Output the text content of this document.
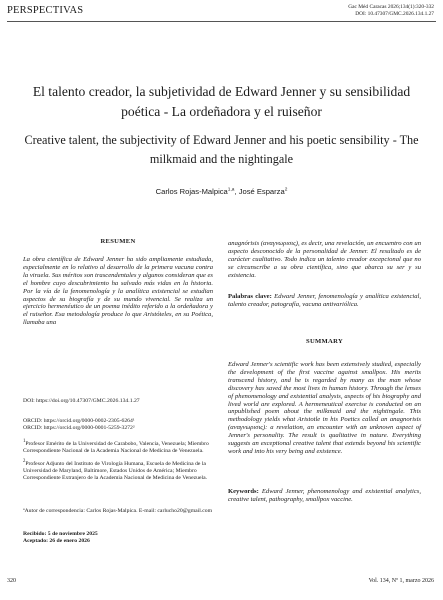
PERSPECTIVAS	Gac Méd Caracas 2026;134(1):320-332
DOI: 10.47307/GMC.2026.134.1.27
El talento creador, la subjetividad de Edward Jenner y su sensibilidad poética - La ordeñadora y el ruiseñor
Creative talent, the subjectivity of Edward Jenner and his poetic sensibility - The milkmaid and the nightingale
Carlos Rojas-Malpica$^{1,a}$, José Esparza$^2$
RESUMEN
La obra científica de Edward Jenner ha sido ampliamente estudiada, especialmente en lo relativo al desarrollo de la primera vacuna contra la viruela. Sus méritos son trascendentales y algunos consideran que es el hombre cuyo descubrimiento ha salvado más vidas en la historia. Por la vía de la fenomenología y la analítica existencial se estudian aspectos de su biografía y de su mundo vivencial. Se realiza un ejercicio hermenéutico de un poema inédito referido a la ordeñadora y el ruiseñor. Esa metodología produce lo que Aristóteles, en su Poética, llamaba una
DOI: https://doi.org/10.47307/GMC.2026.134.1.27
ORCID: https://orcid.org/0000-0002-2305-6264¹
ORCID: https://orcid.org/0000-0001-5259-3272²
$^1$Profesor Emérito de la Universidad de Carabobo, Valencia, Venezuela; Miembro Correspondiente Nacional de la Academia Nacional de Medicina de Venezuela.
$^2$Profesor Adjunto del Instituto de Virología Humana, Escuela de Medicina de la Universidad de Maryland, Baltimore, Estados Unidos de América; Miembro Correspondiente Extranjero de la Academia Nacional de Medicina de Venezuela.
ªAutor de correspondencia: Carlos Rojas-Malpica. E-mail: carlucho20@gmail.com
Recibido: 5 de noviembre 2025
Aceptado: 26 de enero 2026
anagnórisis (αναγνωρισις), es decir, una revelación, un encuentro con un aspecto desconocido de la personalidad de Jenner. El resultado es de carácter cualitativo. Todo indica un talento creador excepcional que no se circunscribe a su obra científica, sino que abarca su ser y su existencia.
Palabras clave: Edward Jenner, fenomenología y analítica existencial, talento creador, patografía, vacuna antivariólica.
SUMMARY
Edward Jenner's scientific work has been extensively studied, especially the development of the first vaccine against smallpox. His merits transcend history, and he is regarded by many as the man whose discovery has saved the most lives in human history. Through the lenses of phenomenology and existential analysis, aspects of his biography and lived world are explored. A hermeneutical exercise is conducted on an unpublished poem about the milkmaid and the nightingale. This methodology yields what Aristotle in his Poetics called an anagnorisis (αναγνωρισις): a revelation, an encounter with an unknown aspect of Jenner's personality. The result is qualitative in nature. Everything suggests an exceptional creative talent that extends beyond his scientific work and into his very being and existence.
Keywords: Edward Jenner, phenomenology and existential analytics, creative talent, pathography, smallpox vaccine.
320	Vol. 134, Nº 1, marzo 2026
